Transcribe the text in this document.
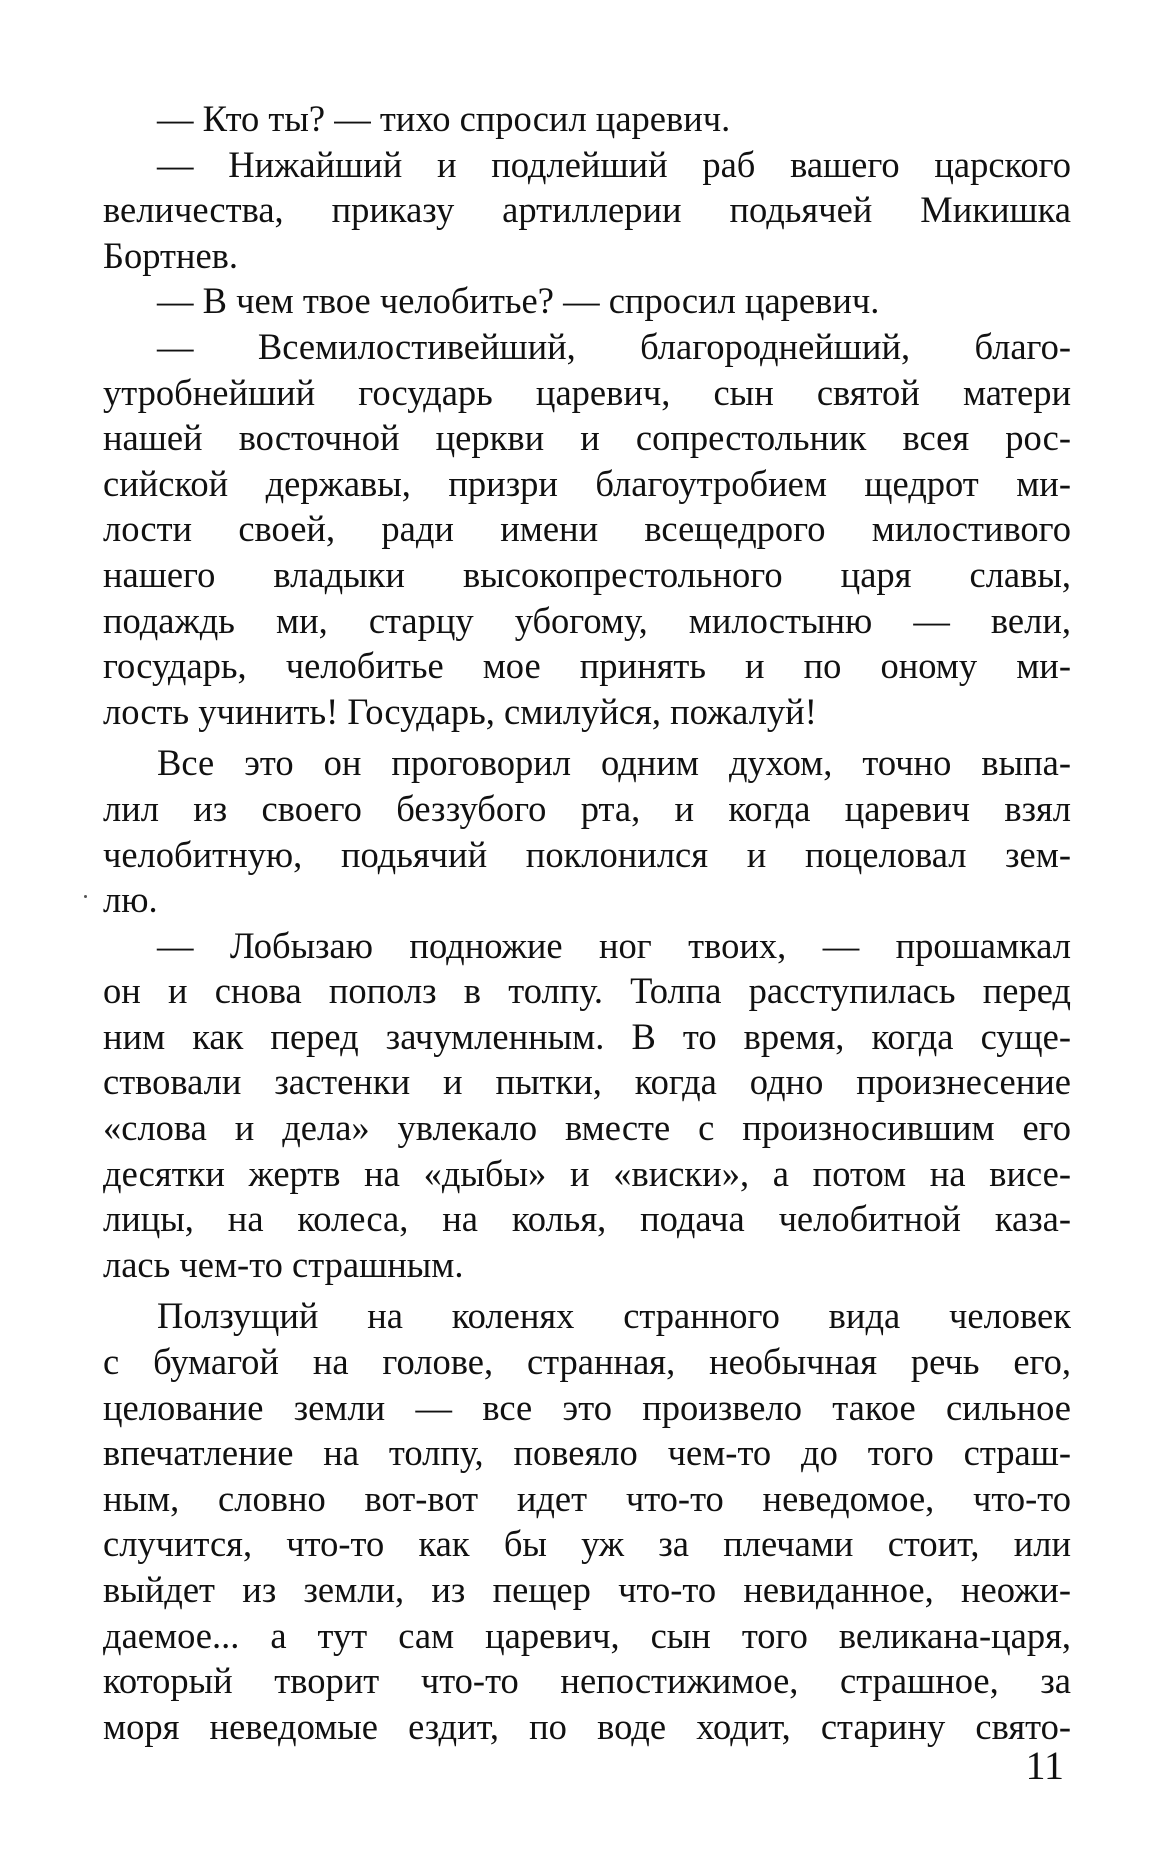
— Кто ты? — тихо спросил царевич.
— Нижайший и подлейший раб вашего царского
величества, приказу артиллерии подьячей Микишка
Бортнев.
— В чем твое челобитье? — спросил царевич.
— Всемилостивейший, благороднейший, благо-
утробнейший государь царевич, сын святой матери
нашей восточной церкви и сопрестольник всея рос-
сийской державы, призри благоутробием щедрот ми-
лости своей, ради имени всещедрого милостивого
нашего владыки высокопрестольного царя славы,
подаждь ми, старцу убогому, милостыню — вели,
государь, челобитье мое принять и по оному ми-
лость учинить! Государь, смилуйся, пожалуй!
Все это он проговорил одним духом, точно выпа-
лил из своего беззубого рта, и когда царевич взял
челобитную, подьячий поклонился и поцеловал зем-
лю.
— Лобызаю подножие ног твоих, — прошамкал
он и снова пополз в толпу. Толпа расступилась перед
ним как перед зачумленным. В то время, когда суще-
ствовали застенки и пытки, когда одно произнесение
«слова и дела» увлекало вместе с произносившим его
десятки жертв на «дыбы» и «виски», а потом на висе-
лицы, на колеса, на колья, подача челобитной каза-
лась чем-то страшным.
Ползущий на коленях странного вида человек
с бумагой на голове, странная, необычная речь его,
целование земли — все это произвело такое сильное
впечатление на толпу, повеяло чем-то до того страш-
ным, словно вот-вот идет что-то неведомое, что-то
случится, что-то как бы уж за плечами стоит, или
выйдет из земли, из пещер что-то невиданное, неожи-
даемое... а тут сам царевич, сын того великана-царя,
который творит что-то непостижимое, страшное, за
моря неведомые ездит, по воде ходит, старину свято-
11
